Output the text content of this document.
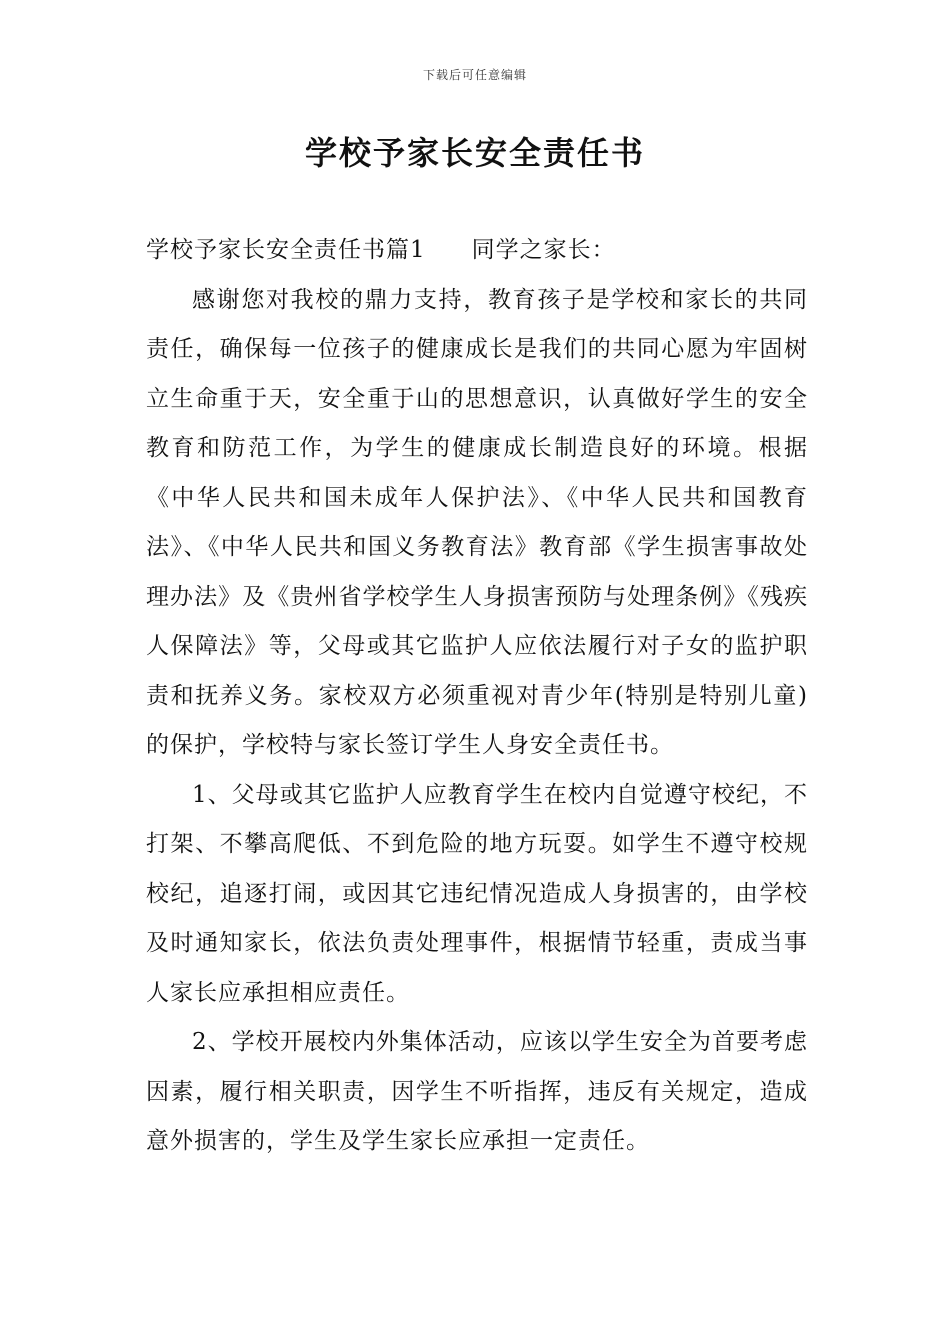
下载后可任意编辑
学校予家长安全责任书

学校予家长安全责任书篇1 同学之家长：

感谢您对我校的鼎力支持，教育孩子是学校和家长的共同责任，确保每一位孩子的健康成长是我们的共同心愿为牢固树立生命重于天，安全重于山的思想意识，认真做好学生的安全教育和防范工作，为学生的健康成长制造良好的环境。根据《中华人民共和国未成年人保护法》、《中华人民共和国教育法》、《中华人民共和国义务教育法》教育部《学生损害事故处理办法》及《贵州省学校学生人身损害预防与处理条例》《残疾人保障法》等，父母或其它监护人应依法履行对子女的监护职责和抚养义务。家校双方必须重视对青少年(特别是特别儿童)的保护，学校特与家长签订学生人身安全责任书。

1、父母或其它监护人应教育学生在校内自觉遵守校纪，不打架、不攀高爬低、不到危险的地方玩耍。如学生不遵守校规校纪，追逐打闹，或因其它违纪情况造成人身损害的，由学校及时通知家长，依法负责处理事件，根据情节轻重，责成当事人家长应承担相应责任。

2、学校开展校内外集体活动，应该以学生安全为首要考虑因素，履行相关职责，因学生不听指挥，违反有关规定，造成意外损害的，学生及学生家长应承担一定责任。
